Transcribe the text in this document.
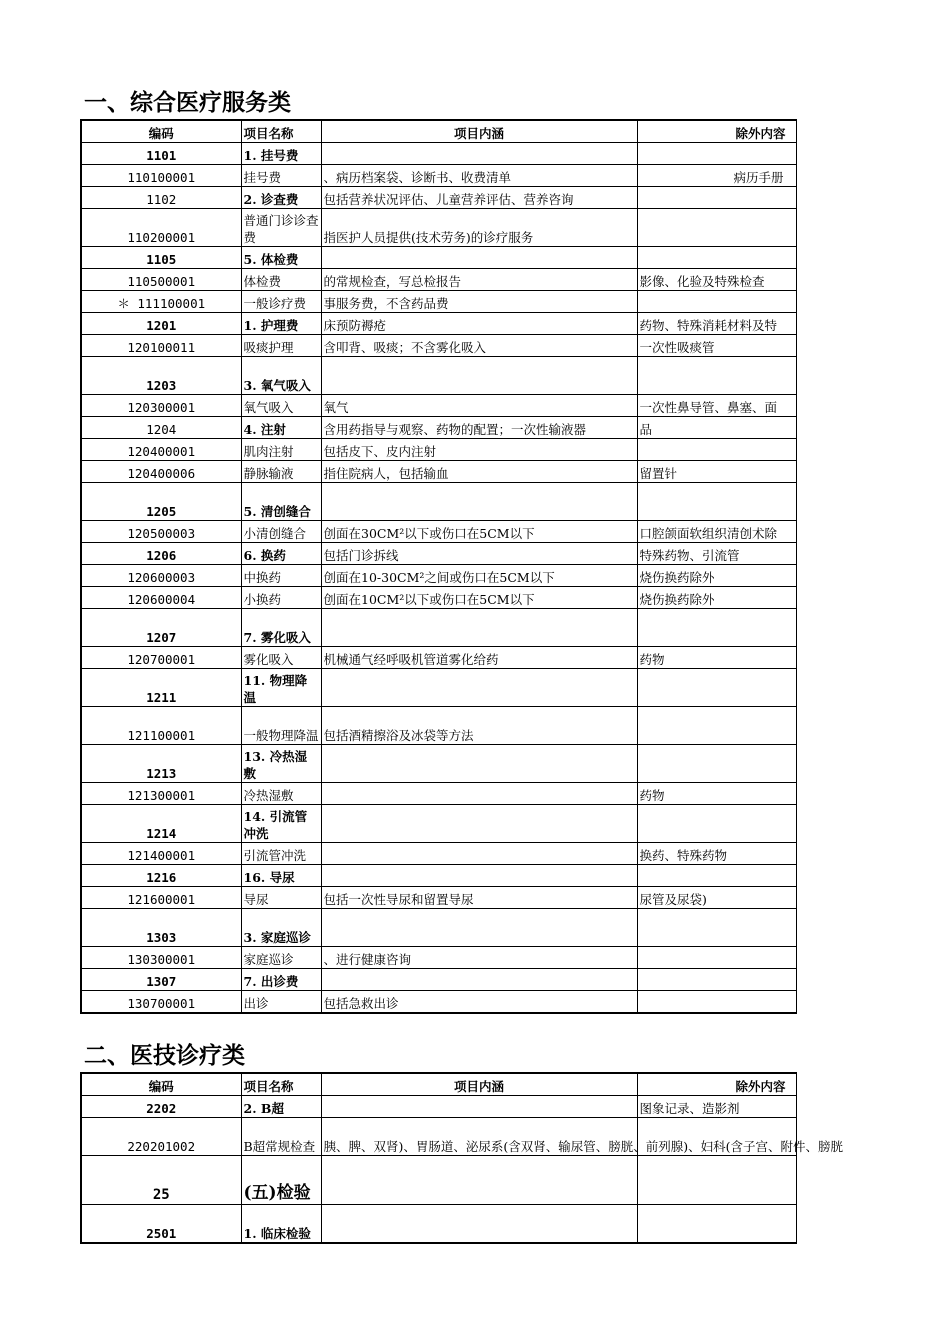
一、综合医疗服务类
编码	项目名称	项目内涵	除外内容
1101	1. 挂号费		
110100001	挂号费	、病历档案袋、诊断书、收费清单	病历手册
1102	2. 诊查费	包括营养状况评估、儿童营养评估、营养咨询	
110200001	普通门诊诊查费	指医护人员提供(技术劳务)的诊疗服务	
1105	5. 体检费		
110500001	体检费	的常规检查，写总检报告	影像、化验及特殊检查
＊ 111100001	一般诊疗费	事服务费，不含药品费	
1201	1. 护理费	床预防褥疮	药物、特殊消耗材料及特
120100011	吸痰护理	含叩背、吸痰；不含雾化吸入	一次性吸痰管
1203	3. 氧气吸入		
120300001	氧气吸入	氧气	一次性鼻导管、鼻塞、面
1204	4. 注射	含用药指导与观察、药物的配置；一次性输液器	品
120400001	肌肉注射	包括皮下、皮内注射	
120400006	静脉输液	指住院病人，包括输血	留置针
1205	5. 清创缝合		
120500003	小清创缝合	创面在30CM²以下或伤口在5CM以下	口腔颌面软组织清创术除
1206	6. 换药	包括门诊拆线	特殊药物、引流管
120600003	中换药	创面在10-30CM²之间或伤口在5CM以下	烧伤换药除外
120600004	小换药	创面在10CM²以下或伤口在5CM以下	烧伤换药除外
1207	7. 雾化吸入		
120700001	雾化吸入	机械通气经呼吸机管道雾化给药	药物
1211	11. 物理降温		
121100001	一般物理降温	包括酒精擦浴及冰袋等方法	
1213	13. 冷热湿敷		
121300001	冷热湿敷		药物
1214	14. 引流管冲洗		
121400001	引流管冲洗		换药、特殊药物
1216	16. 导尿		
121600001	导尿	包括一次性导尿和留置导尿	尿管及尿袋)
1303	3. 家庭巡诊		
130300001	家庭巡诊	、进行健康咨询	
1307	7. 出诊费		
130700001	出诊	包括急救出诊	
二、医技诊疗类
编码	项目名称	项目内涵	除外内容
2202	2. B超		图象记录、造影剂
220201002	B超常规检查	胰、脾、双肾)、胃肠道、泌尿系(含双肾、输尿管、膀胱、前列腺)、妇科(含子宫、附件、膀胱	
25	(五)检验		
2501	1. 临床检验		
